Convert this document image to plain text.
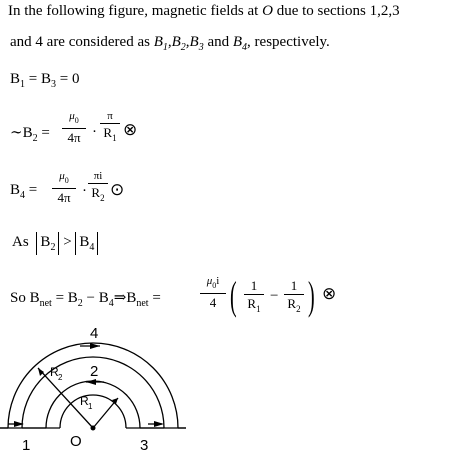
In the following figure, magnetic fields at O due to sections 1,2,3
and 4 are considered as $B_1,B_2,B_3$ and $B_4$, respectively.
$B_1 = B_3 = 0$
$\sim B_2$ =
$\mu_0$
4π ·
π
$R_1$ ⊗
$B_4$ =
$\mu_0$
4π ·
πi
$R_2$ ⊙
As $B_2 > B_4$
So $B_{net} = B_2$ − $B_4\Rightarrow B_{net}$ =
$\mu_0i$
4 (	1
$R_1$
−
1
$R_2$ ) ⊗
4
2
1	3
O
R 2
R 1
